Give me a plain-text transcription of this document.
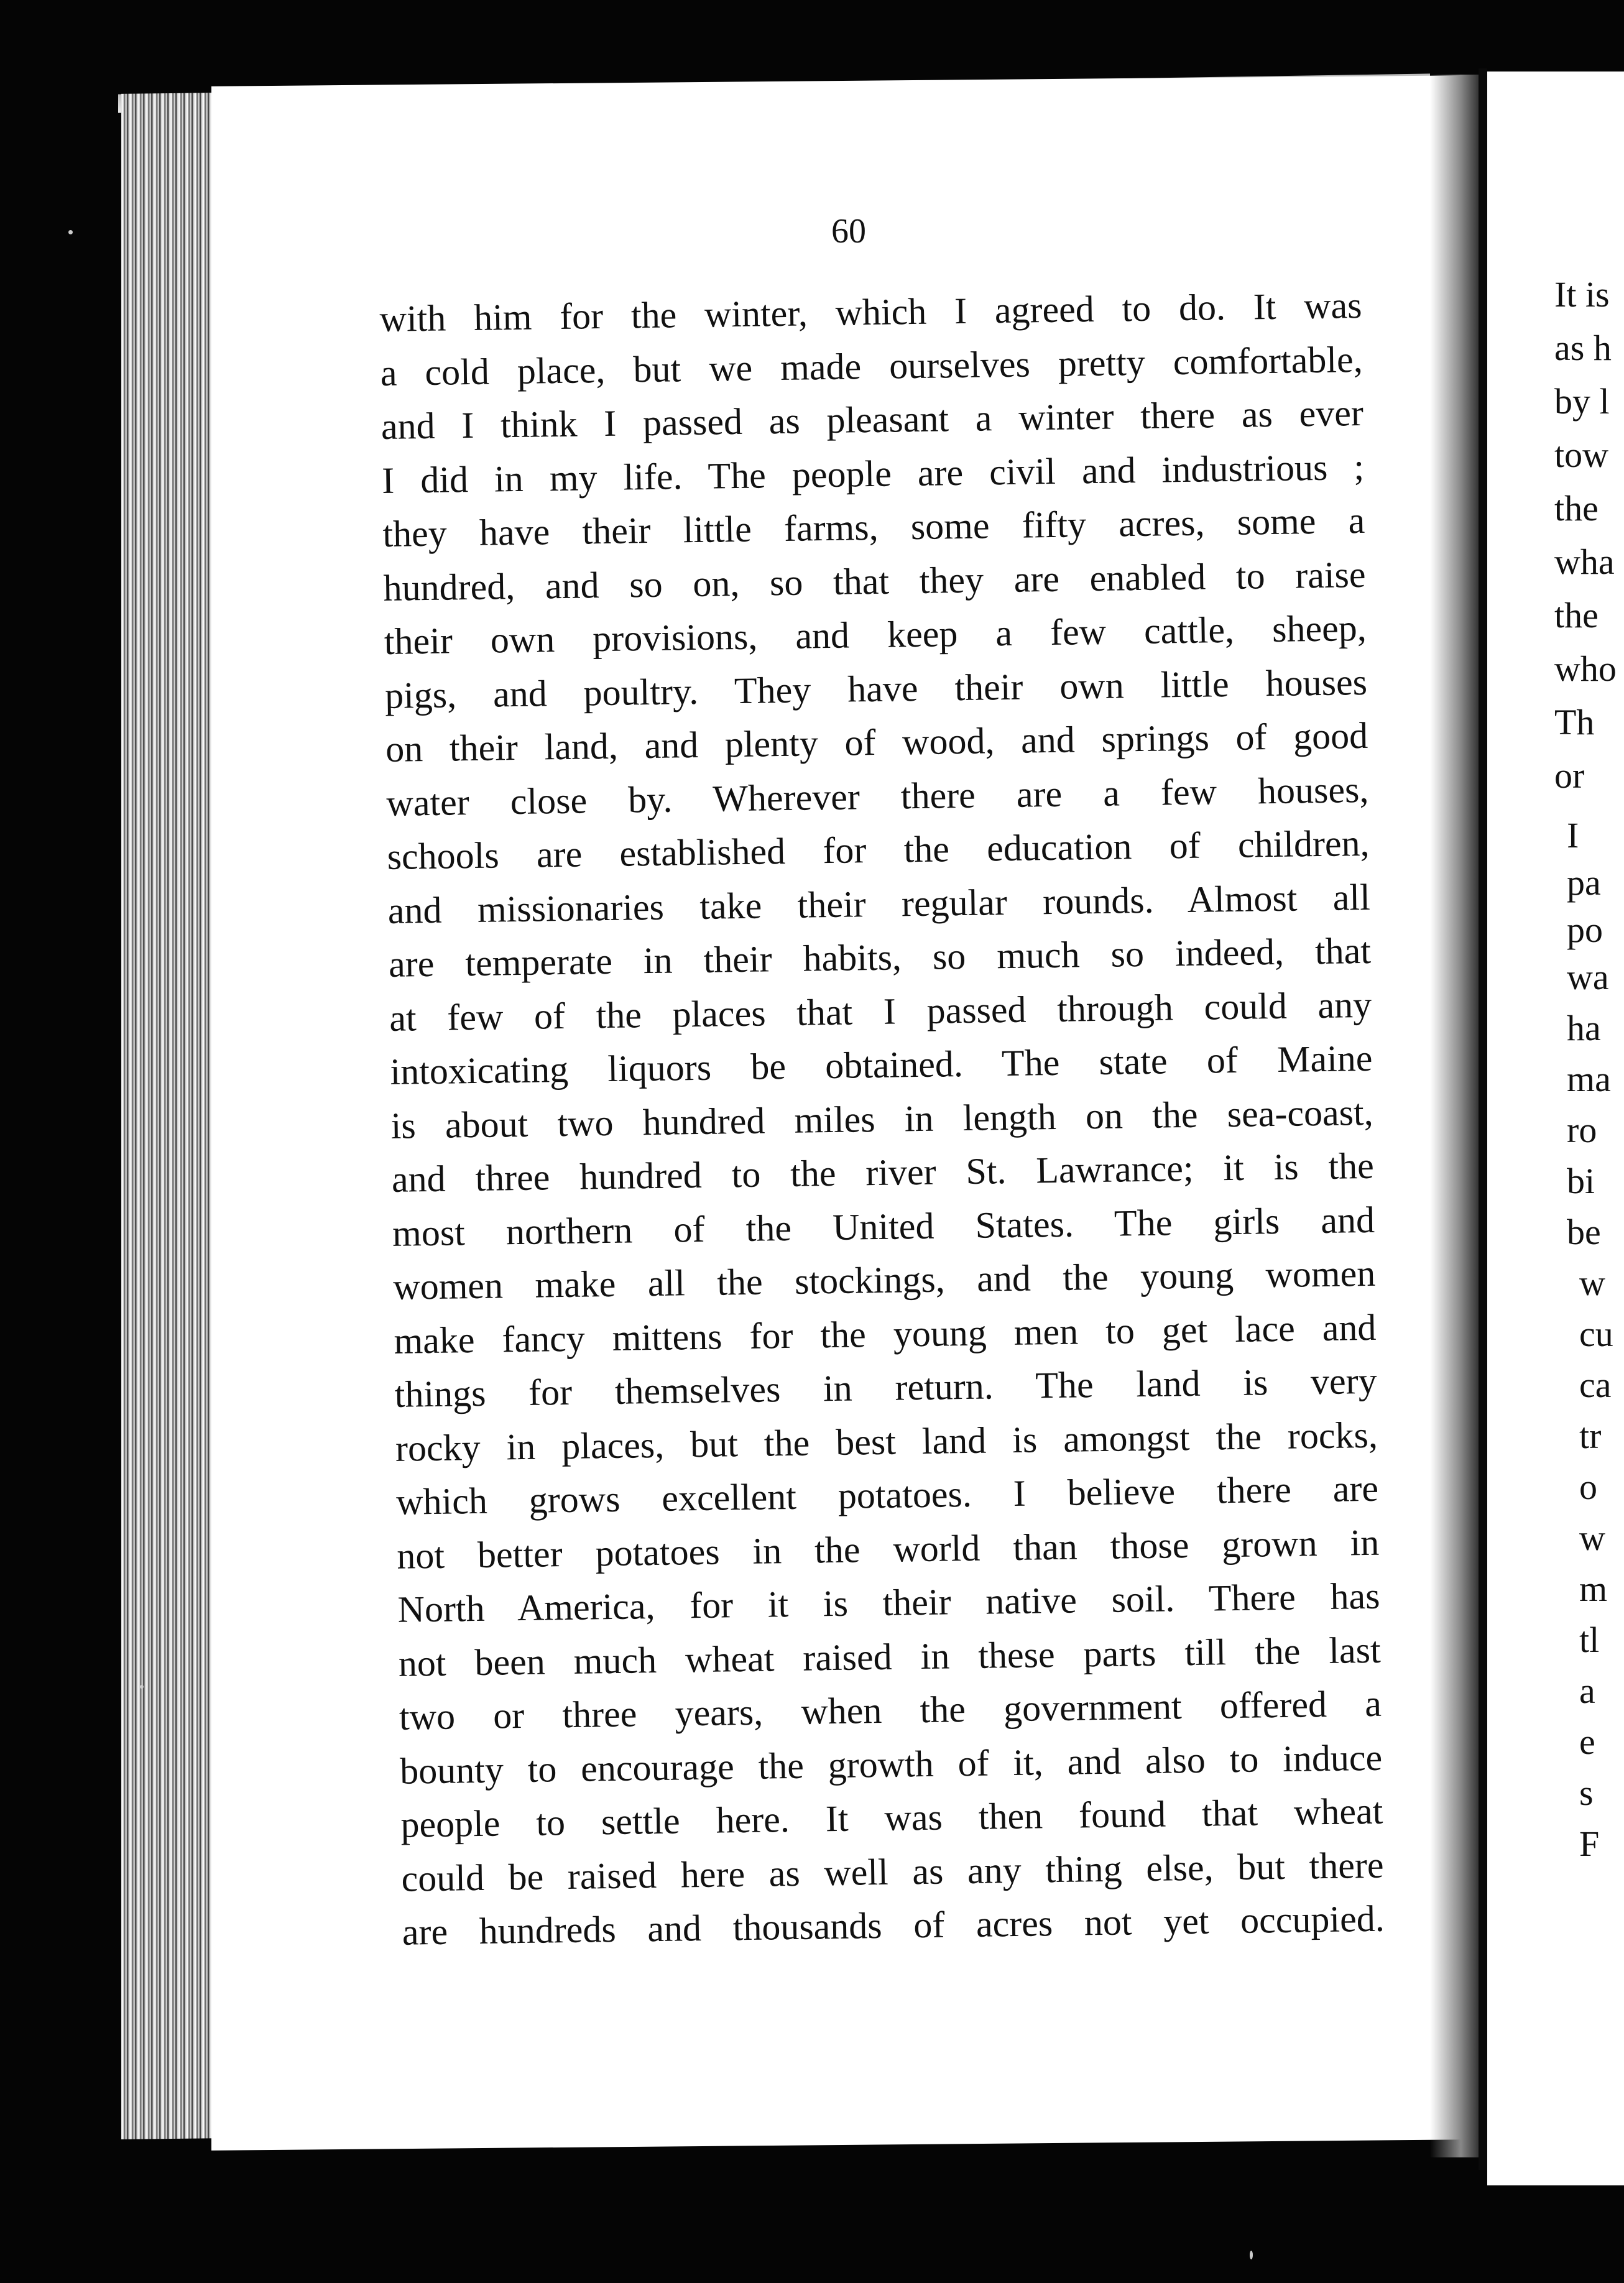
60

with him for the winter, which I agreed to do. It was
a cold place, but we made ourselves pretty comfortable,
and I think I passed as pleasant a winter there as ever
I did in my life. The people are civil and industrious ;
they have their little farms, some fifty acres, some a
hundred, and so on, so that they are enabled to raise
their own provisions, and keep a few cattle, sheep,
pigs, and poultry. They have their own little houses
on their land, and plenty of wood, and springs of good
water close by. Wherever there are a few houses,
schools are established for the education of children,
and missionaries take their regular rounds. Almost all
are temperate in their habits, so much so indeed, that
at few of the places that I passed through could any
intoxicating liquors be obtained. The state of Maine
is about two hundred miles in length on the sea-coast,
and three hundred to the river St. Lawrance; it is the
most northern of the United States. The girls and
women make all the stockings, and the young women
make fancy mittens for the young men to get lace and
things for themselves in return. The land is very
rocky in places, but the best land is amongst the rocks,
which grows excellent potatoes. I believe there are
not better potatoes in the world than those grown in
North America, for it is their native soil. There has
not been much wheat raised in these parts till the last
two or three years, when the government offered a
bounty to encourage the growth of it, and also to induce
people to settle here. It was then found that wheat
could be raised here as well as any thing else, but there
are hundreds and thousands of acres not yet occupied.
It is
as h
by l
tow
the
wha
the
who
Th
or
I
pa
po
wa
ha
ma
ro
bi
be
w
cu
ca
tr
o
w
m
tl
a
e
s
F
